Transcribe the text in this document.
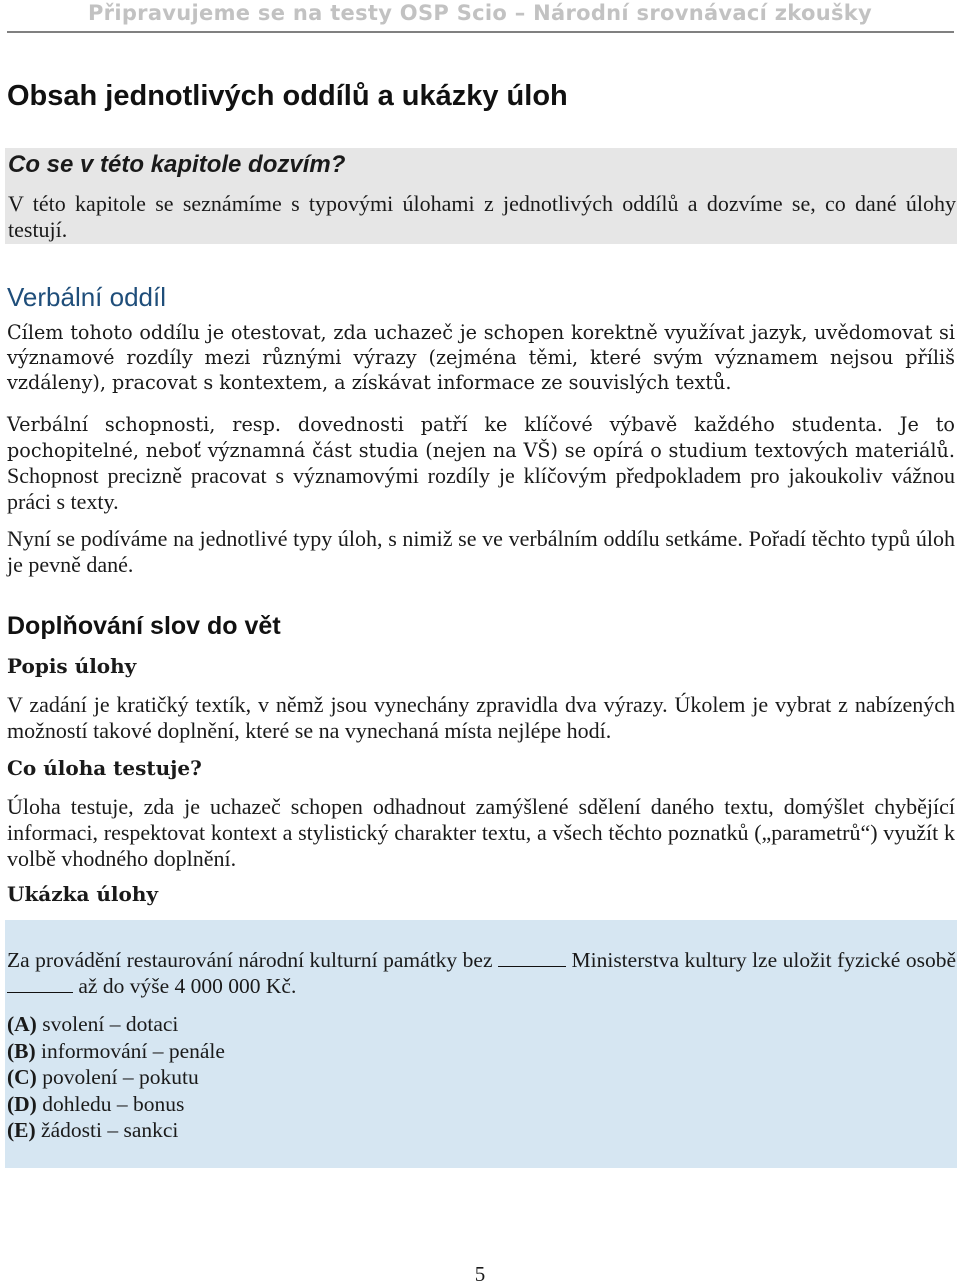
Připravujeme se na testy OSP Scio – Národní srovnávací zkoušky
Obsah jednotlivých oddílů a ukázky úloh
Co se v této kapitole dozvím?
V této kapitole se seznámíme s typovými úlohami z jednotlivých oddílů a dozvíme se, co dané úlohy testují.
Verbální oddíl
Cílem tohoto oddílu je otestovat, zda uchazeč je schopen korektně využívat jazyk, uvědomovat si významové rozdíly mezi různými výrazy (zejména těmi, které svým významem nejsou příliš vzdáleny), pracovat s kontextem, a získávat informace ze souvislých textů.
Verbální schopnosti, resp. dovednosti patří ke klíčové výbavě každého studenta. Je to pochopitelné, neboť významná část studia (nejen na VŠ) se opírá o studium textových materiálů. Schopnost precizně pracovat s významovými rozdíly je klíčovým předpokladem pro jakoukoliv vážnou práci s texty.
Nyní se podíváme na jednotlivé typy úloh, s nimiž se ve verbálním oddílu setkáme. Pořadí těchto typů úloh je pevně dané.
Doplňování slov do vět
Popis úlohy
V zadání je kratičký textík, v němž jsou vynechány zpravidla dva výrazy. Úkolem je vybrat z nabízených možností takové doplnění, které se na vynechaná místa nejlépe hodí.
Co úloha testuje?
Úloha testuje, zda je uchazeč schopen odhadnout zamýšlené sdělení daného textu, domýšlet chybějící informaci, respektovat kontext a stylistický charakter textu, a všech těchto poznatků („parametrů“) využít k volbě vhodného doplnění.
Ukázka úlohy
Za provádění restaurování národní kulturní památky bez	Ministerstva kultury lze uložit fyzické osobě  až do výše 4 000 000 Kč.
(A) svolení – dotaci
(B) informování – penále
(C) povolení – pokutu
(D) dohledu – bonus
(E) žádosti – sankci
5
